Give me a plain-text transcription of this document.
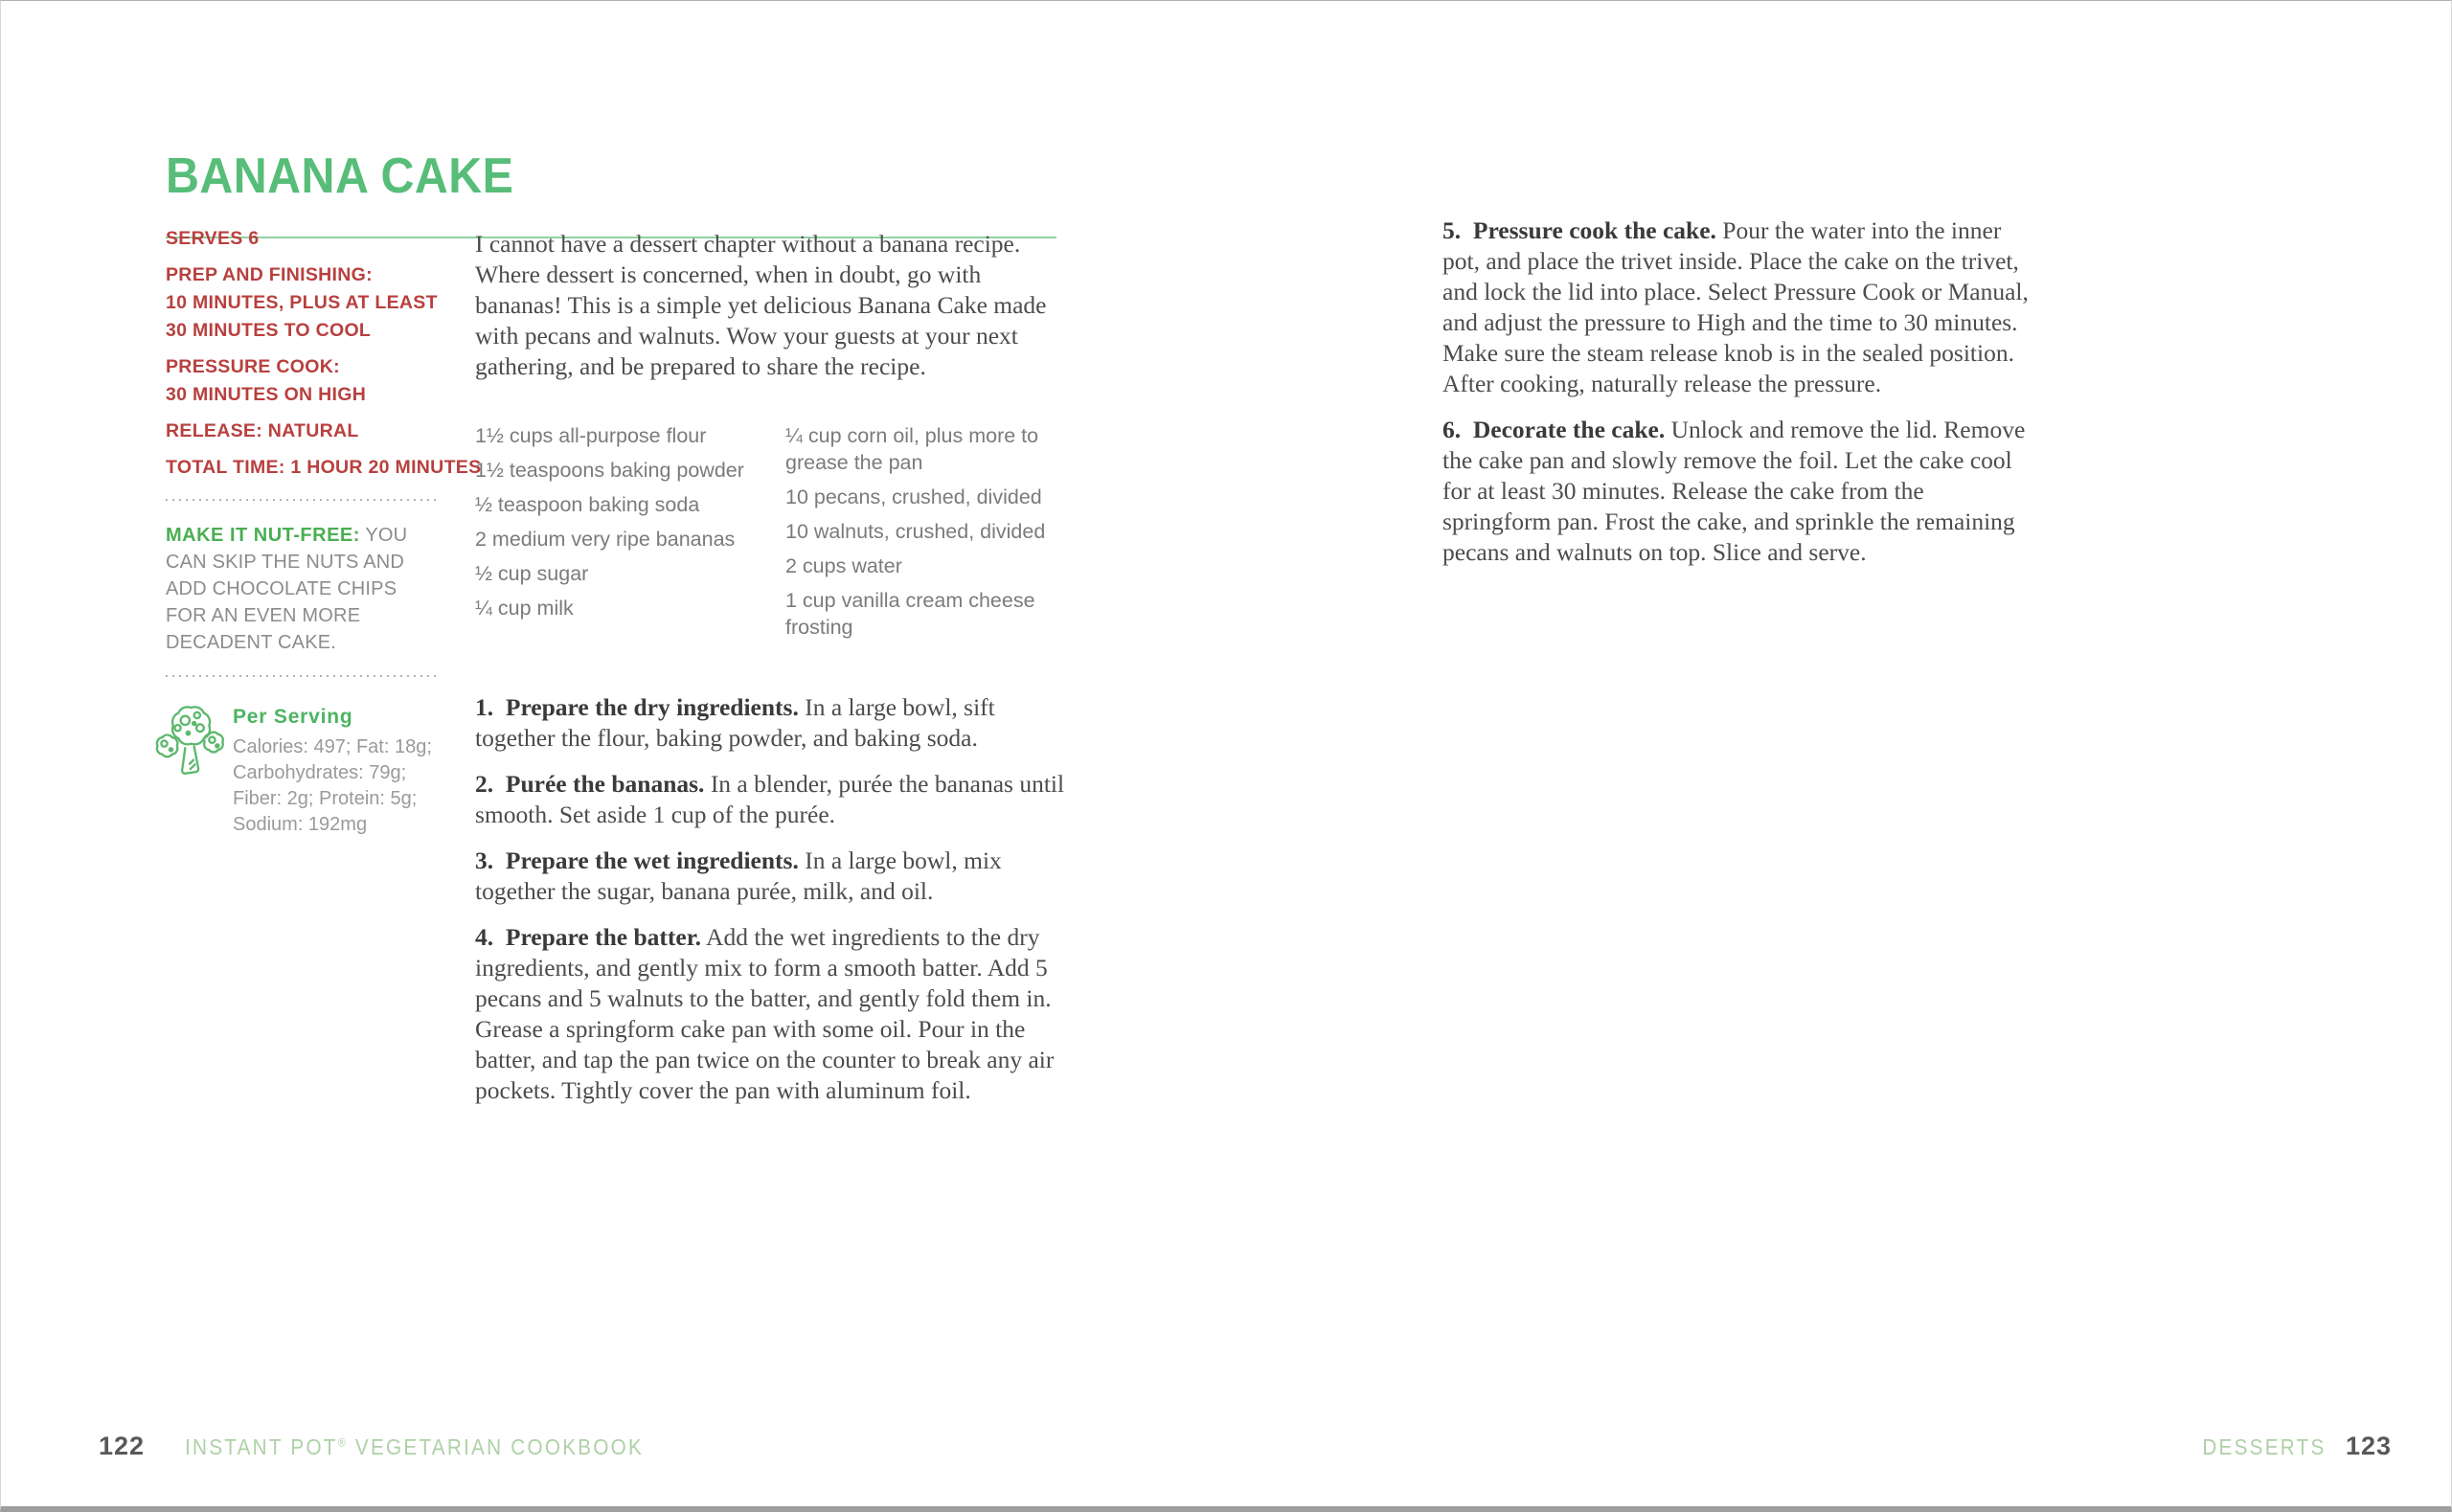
BANANA CAKE
SERVES 6
PREP AND FINISHING:
10 MINUTES, PLUS AT LEAST
30 MINUTES TO COOL
PRESSURE COOK:
30 MINUTES ON HIGH
RELEASE: NATURAL
TOTAL TIME: 1 HOUR 20 MINUTES

MAKE IT NUT-FREE: YOU CAN SKIP THE NUTS AND ADD CHOCOLATE CHIPS FOR AN EVEN MORE DECADENT CAKE.

Per Serving
Calories: 497; Fat: 18g;
Carbohydrates: 79g;
Fiber: 2g; Protein: 5g;
Sodium: 192mg

I cannot have a dessert chapter without a banana recipe. Where dessert is concerned, when in doubt, go with bananas! This is a simple yet delicious Banana Cake made with pecans and walnuts. Wow your guests at your next gathering, and be prepared to share the recipe.

1½ cups all-purpose flour

1½ teaspoons baking powder

½ teaspoon baking soda

2 medium very ripe bananas

½ cup sugar

¼ cup milk

¼ cup corn oil, plus more to grease the pan

10 pecans, crushed, divided

10 walnuts, crushed, divided

2 cups water

1 cup vanilla cream cheese frosting

1. Prepare the dry ingredients. In a large bowl, sift together the flour, baking powder, and baking soda.

2. Purée the bananas. In a blender, purée the bananas until smooth. Set aside 1 cup of the purée.

3. Prepare the wet ingredients. In a large bowl, mix together the sugar, banana purée, milk, and oil.

4. Prepare the batter. Add the wet ingredients to the dry ingredients, and gently mix to form a smooth batter. Add 5 pecans and 5 walnuts to the batter, and gently fold them in. Grease a springform cake pan with some oil. Pour in the batter, and tap the pan twice on the counter to break any air pockets. Tightly cover the pan with aluminum foil.

5. Pressure cook the cake. Pour the water into the inner pot, and place the trivet inside. Place the cake on the trivet, and lock the lid into place. Select Pressure Cook or Manual, and adjust the pressure to High and the time to 30 minutes. Make sure the steam release knob is in the sealed position. After cooking, naturally release the pressure.

6. Decorate the cake. Unlock and remove the lid. Remove the cake pan and slowly remove the foil. Let the cake cool for at least 30 minutes. Release the cake from the springform pan. Frost the cake, and sprinkle the remaining pecans and walnuts on top. Slice and serve.

122 INSTANT POT® VEGETARIAN COOKBOOK	DESSERTS 123
